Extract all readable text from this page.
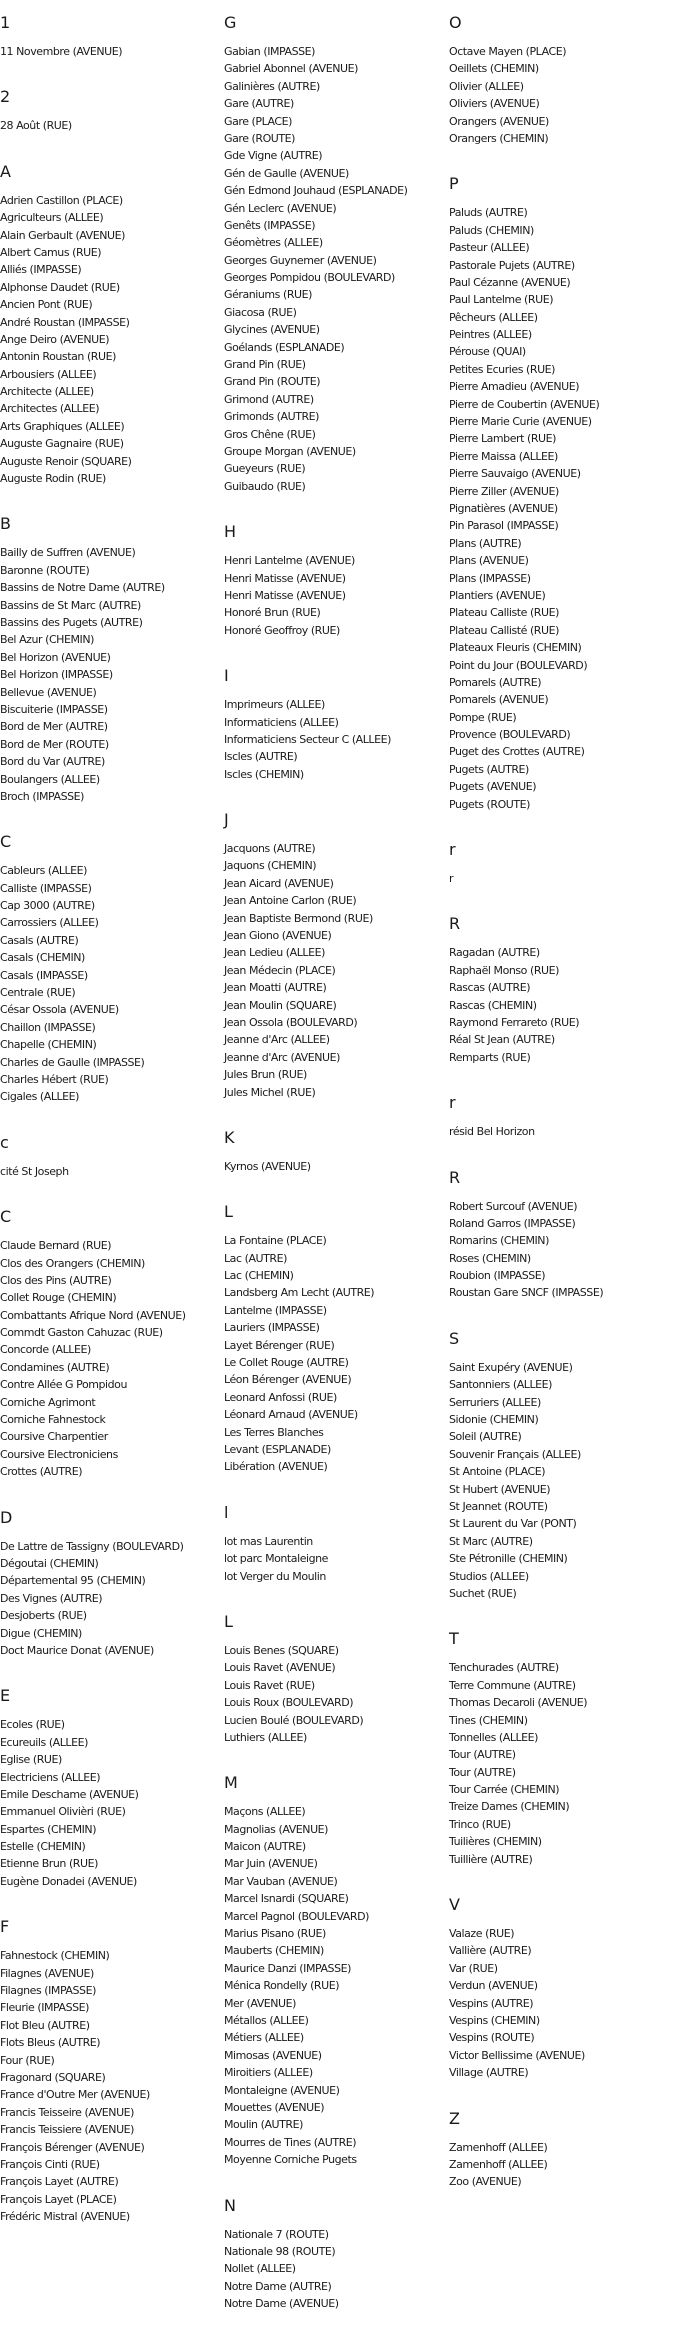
1
11 Novembre (AVENUE)
2
28 Août (RUE)
A
Adrien Castillon (PLACE)
Agriculteurs (ALLEE)
Alain Gerbault (AVENUE)
Albert Camus (RUE)
Alliés (IMPASSE)
Alphonse Daudet (RUE)
Ancien Pont (RUE)
André Roustan (IMPASSE)
Ange Deiro (AVENUE)
Antonin Roustan (RUE)
Arbousiers (ALLEE)
Architecte (ALLEE)
Architectes (ALLEE)
Arts Graphiques (ALLEE)
Auguste Gagnaire (RUE)
Auguste Renoir (SQUARE)
Auguste Rodin (RUE)
B
Bailly de Suffren (AVENUE)
Baronne (ROUTE)
Bassins de Notre Dame (AUTRE)
Bassins de St Marc (AUTRE)
Bassins des Pugets (AUTRE)
Bel Azur (CHEMIN)
Bel Horizon (AVENUE)
Bel Horizon (IMPASSE)
Bellevue (AVENUE)
Biscuiterie (IMPASSE)
Bord de Mer (AUTRE)
Bord de Mer (ROUTE)
Bord du Var (AUTRE)
Boulangers (ALLEE)
Broch (IMPASSE)
C
Cableurs (ALLEE)
Calliste (IMPASSE)
Cap 3000 (AUTRE)
Carrossiers (ALLEE)
Casals (AUTRE)
Casals (CHEMIN)
Casals (IMPASSE)
Centrale (RUE)
César Ossola (AVENUE)
Chaillon (IMPASSE)
Chapelle (CHEMIN)
Charles de Gaulle (IMPASSE)
Charles Hébert (RUE)
Cigales (ALLEE)
c
cité St Joseph
C
Claude Bernard (RUE)
Clos des Orangers (CHEMIN)
Clos des Pins (AUTRE)
Collet Rouge (CHEMIN)
Combattants Afrique Nord (AVENUE)
Commdt Gaston Cahuzac (RUE)
Concorde (ALLEE)
Condamines (AUTRE)
Contre Allée G Pompidou
Corniche Agrimont
Corniche Fahnestock
Coursive Charpentier
Coursive Electroniciens
Crottes (AUTRE)
D
De Lattre de Tassigny (BOULEVARD)
Dégoutai (CHEMIN)
Départemental 95 (CHEMIN)
Des Vignes (AUTRE)
Desjoberts (RUE)
Digue (CHEMIN)
Doct Maurice Donat (AVENUE)
E
Ecoles (RUE)
Ecureuils (ALLEE)
Eglise (RUE)
Electriciens (ALLEE)
Emile Deschame (AVENUE)
Emmanuel Olivièri (RUE)
Espartes (CHEMIN)
Estelle (CHEMIN)
Etienne Brun (RUE)
Eugène Donadei (AVENUE)
F
Fahnestock (CHEMIN)
Filagnes (AVENUE)
Filagnes (IMPASSE)
Fleurie (IMPASSE)
Flot Bleu (AUTRE)
Flots Bleus (AUTRE)
Four (RUE)
Fragonard (SQUARE)
France d'Outre Mer (AVENUE)
Francis Teisseire (AVENUE)
Francis Teissiere (AVENUE)
François Bérenger (AVENUE)
François Cinti (RUE)
François Layet (AUTRE)
François Layet (PLACE)
Frédéric Mistral (AVENUE)
G
Gabian (IMPASSE)
Gabriel Abonnel (AVENUE)
Galinières (AUTRE)
Gare (AUTRE)
Gare (PLACE)
Gare (ROUTE)
Gde Vigne (AUTRE)
Gén de Gaulle (AVENUE)
Gén Edmond Jouhaud (ESPLANADE)
Gén Leclerc (AVENUE)
Genêts (IMPASSE)
Géomètres (ALLEE)
Georges Guynemer (AVENUE)
Georges Pompidou (BOULEVARD)
Géraniums (RUE)
Giacosa (RUE)
Glycines (AVENUE)
Goélands (ESPLANADE)
Grand Pin (RUE)
Grand Pin (ROUTE)
Grimond (AUTRE)
Grimonds (AUTRE)
Gros Chêne (RUE)
Groupe Morgan (AVENUE)
Gueyeurs (RUE)
Guibaudo (RUE)
H
Henri Lantelme (AVENUE)
Henri Matisse (AVENUE)
Henri Matisse (AVENUE)
Honoré Brun (RUE)
Honoré Geoffroy (RUE)
I
Imprimeurs (ALLEE)
Informaticiens (ALLEE)
Informaticiens Secteur C (ALLEE)
Iscles (AUTRE)
Iscles (CHEMIN)
J
Jacquons (AUTRE)
Jaquons (CHEMIN)
Jean Aicard (AVENUE)
Jean Antoine Carlon (RUE)
Jean Baptiste Bermond (RUE)
Jean Giono (AVENUE)
Jean Ledieu (ALLEE)
Jean Médecin (PLACE)
Jean Moatti (AUTRE)
Jean Moulin (SQUARE)
Jean Ossola (BOULEVARD)
Jeanne d'Arc (ALLEE)
Jeanne d'Arc (AVENUE)
Jules Brun (RUE)
Jules Michel (RUE)
K
Kyrnos (AVENUE)
L
La Fontaine (PLACE)
Lac (AUTRE)
Lac (CHEMIN)
Landsberg Am Lecht (AUTRE)
Lantelme (IMPASSE)
Lauriers (IMPASSE)
Layet Bérenger (RUE)
Le Collet Rouge (AUTRE)
Léon Bérenger (AVENUE)
Leonard Anfossi (RUE)
Léonard Arnaud (AVENUE)
Les Terres Blanches
Levant (ESPLANADE)
Libération (AVENUE)
l
lot mas Laurentin
lot parc Montaleigne
lot Verger du Moulin
L
Louis Benes (SQUARE)
Louis Ravet (AVENUE)
Louis Ravet (RUE)
Louis Roux (BOULEVARD)
Lucien Boulé (BOULEVARD)
Luthiers (ALLEE)
M
Maçons (ALLEE)
Magnolias (AVENUE)
Maicon (AUTRE)
Mar Juin (AVENUE)
Mar Vauban (AVENUE)
Marcel Isnardi (SQUARE)
Marcel Pagnol (BOULEVARD)
Marius Pisano (RUE)
Mauberts (CHEMIN)
Maurice Danzi (IMPASSE)
Ménica Rondelly (RUE)
Mer (AVENUE)
Métallos (ALLEE)
Métiers (ALLEE)
Mimosas (AVENUE)
Miroitiers (ALLEE)
Montaleigne (AVENUE)
Mouettes (AVENUE)
Moulin (AUTRE)
Mourres de Tines (AUTRE)
Moyenne Corniche Pugets
N
Nationale 7 (ROUTE)
Nationale 98 (ROUTE)
Nollet (ALLEE)
Notre Dame (AUTRE)
Notre Dame (AVENUE)
O
Octave Mayen (PLACE)
Oeillets (CHEMIN)
Olivier (ALLEE)
Oliviers (AVENUE)
Orangers (AVENUE)
Orangers (CHEMIN)
P
Paluds (AUTRE)
Paluds (CHEMIN)
Pasteur (ALLEE)
Pastorale Pujets (AUTRE)
Paul Cézanne (AVENUE)
Paul Lantelme (RUE)
Pêcheurs (ALLEE)
Peintres (ALLEE)
Pérouse (QUAI)
Petites Ecuries (RUE)
Pierre Amadieu (AVENUE)
Pierre de Coubertin (AVENUE)
Pierre Marie Curie (AVENUE)
Pierre Lambert (RUE)
Pierre Maissa (ALLEE)
Pierre Sauvaigo (AVENUE)
Pierre Ziller (AVENUE)
Pignatières (AVENUE)
Pin Parasol (IMPASSE)
Plans (AUTRE)
Plans (AVENUE)
Plans (IMPASSE)
Plantiers (AVENUE)
Plateau Calliste (RUE)
Plateau Callisté (RUE)
Plateaux Fleuris (CHEMIN)
Point du Jour (BOULEVARD)
Pomarels (AUTRE)
Pomarels (AVENUE)
Pompe (RUE)
Provence (BOULEVARD)
Puget des Crottes (AUTRE)
Pugets (AUTRE)
Pugets (AVENUE)
Pugets (ROUTE)
r
r
R
Ragadan (AUTRE)
Raphaël Monso (RUE)
Rascas (AUTRE)
Rascas (CHEMIN)
Raymond Ferrareto (RUE)
Réal St Jean (AUTRE)
Remparts (RUE)
r
résid Bel Horizon
R
Robert Surcouf (AVENUE)
Roland Garros (IMPASSE)
Romarins (CHEMIN)
Roses (CHEMIN)
Roubion (IMPASSE)
Roustan Gare SNCF (IMPASSE)
S
Saint Exupéry (AVENUE)
Santonniers (ALLEE)
Serruriers (ALLEE)
Sidonie (CHEMIN)
Soleil (AUTRE)
Souvenir Français (ALLEE)
St Antoine (PLACE)
St Hubert (AVENUE)
St Jeannet (ROUTE)
St Laurent du Var (PONT)
St Marc (AUTRE)
Ste Pétronille (CHEMIN)
Studios (ALLEE)
Suchet (RUE)
T
Tenchurades (AUTRE)
Terre Commune (AUTRE)
Thomas Decaroli (AVENUE)
Tines (CHEMIN)
Tonnelles (ALLEE)
Tour (AUTRE)
Tour (AUTRE)
Tour Carrée (CHEMIN)
Treize Dames (CHEMIN)
Trinco (RUE)
Tuilières (CHEMIN)
Tuillière (AUTRE)
V
Valaze (RUE)
Vallière (AUTRE)
Var (RUE)
Verdun (AVENUE)
Vespins (AUTRE)
Vespins (CHEMIN)
Vespins (ROUTE)
Victor Bellissime (AVENUE)
Village (AUTRE)
Z
Zamenhoff (ALLEE)
Zamenhoff (ALLEE)
Zoo (AVENUE)
